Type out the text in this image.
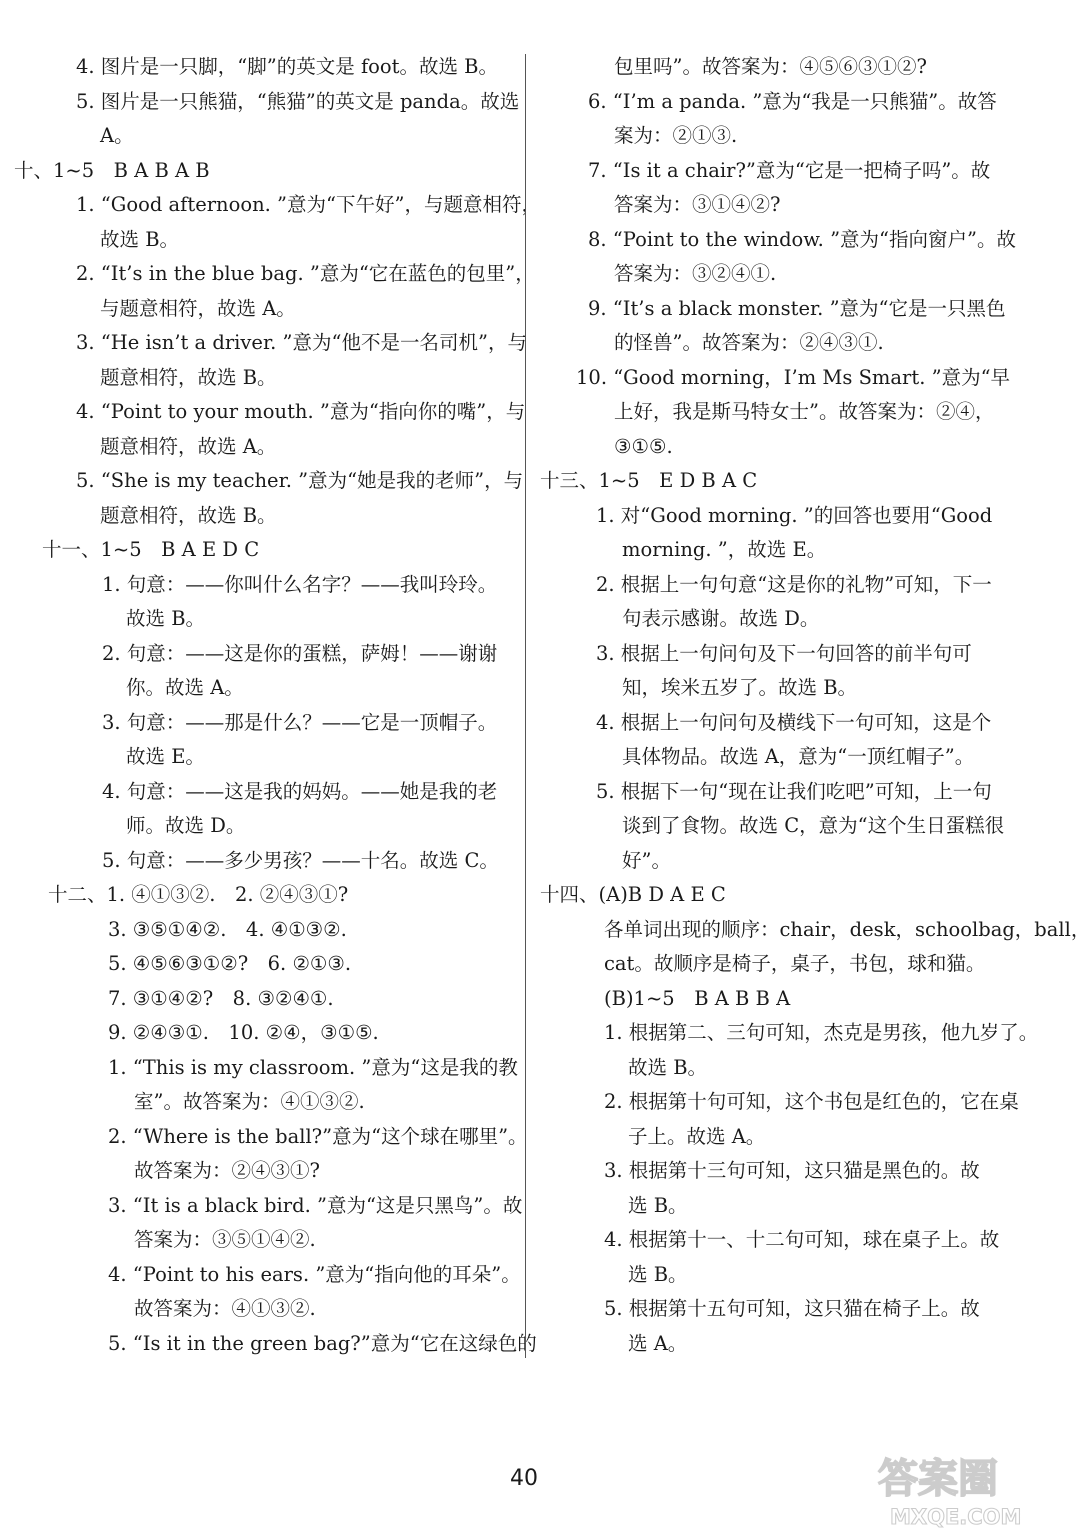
4. 图片是一只脚，“脚”的英文是 foot。故选 B。
5. 图片是一只熊猫，“熊猫”的英文是 panda。故选
A。
十、1~5　B A B A B
1. “Good afternoon. ”意为“下午好”，与题意相符，
故选 B。
2. “It’s in the blue bag. ”意为“它在蓝色的包里”，
与题意相符，故选 A。
3. “He isn’t a driver. ”意为“他不是一名司机”，与
题意相符，故选 B。
4. “Point to your mouth. ”意为“指向你的嘴”，与
题意相符，故选 A。
5. “She is my teacher. ”意为“她是我的老师”，与
题意相符，故选 B。
十一、1~5　B A E D C
1. 句意：——你叫什么名字？——我叫玲玲。
故选 B。
2. 句意：——这是你的蛋糕，萨姆！——谢谢
你。故选 A。
3. 句意：——那是什么？——它是一顶帽子。
故选 E。
4. 句意：——这是我的妈妈。——她是我的老
师。故选 D。
5. 句意：——多少男孩？——十名。故选 C。
十二、1. ④①③②.　2. ②④③①?
3. ③⑤①④②.　4. ④①③②.
5. ④⑤⑥③①②?　6. ②①③.
7. ③①④②?　8. ③②④①.
9. ②④③①.　10. ②④，③①⑤.
1. “This is my classroom. ”意为“这是我的教
室”。故答案为：④①③②.
2. “Where is the ball?”意为“这个球在哪里”。
故答案为：②④③①?
3. “It is a black bird. ”意为“这是只黑鸟”。故
答案为：③⑤①④②.
4. “Point to his ears. ”意为“指向他的耳朵”。
故答案为：④①③②.
5. “Is it in the green bag?”意为“它在这绿色的
包里吗”。故答案为：④⑤⑥③①②?
6. “I’m a panda. ”意为“我是一只熊猫”。故答
案为：②①③.
7. “Is it a chair?”意为“它是一把椅子吗”。故
答案为：③①④②?
8. “Point to the window. ”意为“指向窗户”。故
答案为：③②④①.
9. “It’s a black monster. ”意为“它是一只黑色
的怪兽”。故答案为：②④③①.
10. “Good morning，I’m Ms Smart. ”意为“早
上好，我是斯马特女士”。故答案为：②④，
③①⑤.
十三、1~5　E D B A C
1. 对“Good morning. ”的回答也要用“Good
morning. ”，故选 E。
2. 根据上一句句意“这是你的礼物”可知，下一
句表示感谢。故选 D。
3. 根据上一句问句及下一句回答的前半句可
知，埃米五岁了。故选 B。
4. 根据上一句问句及横线下一句可知，这是个
具体物品。故选 A，意为“一顶红帽子”。
5. 根据下一句“现在让我们吃吧”可知，上一句
谈到了食物。故选 C，意为“这个生日蛋糕很
好”。
十四、(A)B D A E C
各单词出现的顺序：chair，desk，schoolbag，ball，
cat。故顺序是椅子，桌子，书包，球和猫。
(B)1~5　B A B B A
1. 根据第二、三句可知，杰克是男孩，他九岁了。
故选 B。
2. 根据第十句可知，这个书包是红色的，它在桌
子上。故选 A。
3. 根据第十三句可知，这只猫是黑色的。故
选 B。
4. 根据第十一、十二句可知，球在桌子上。故
选 B。
5. 根据第十五句可知，这只猫在椅子上。故
选 A。
40	答案圈
MXQE.COM
